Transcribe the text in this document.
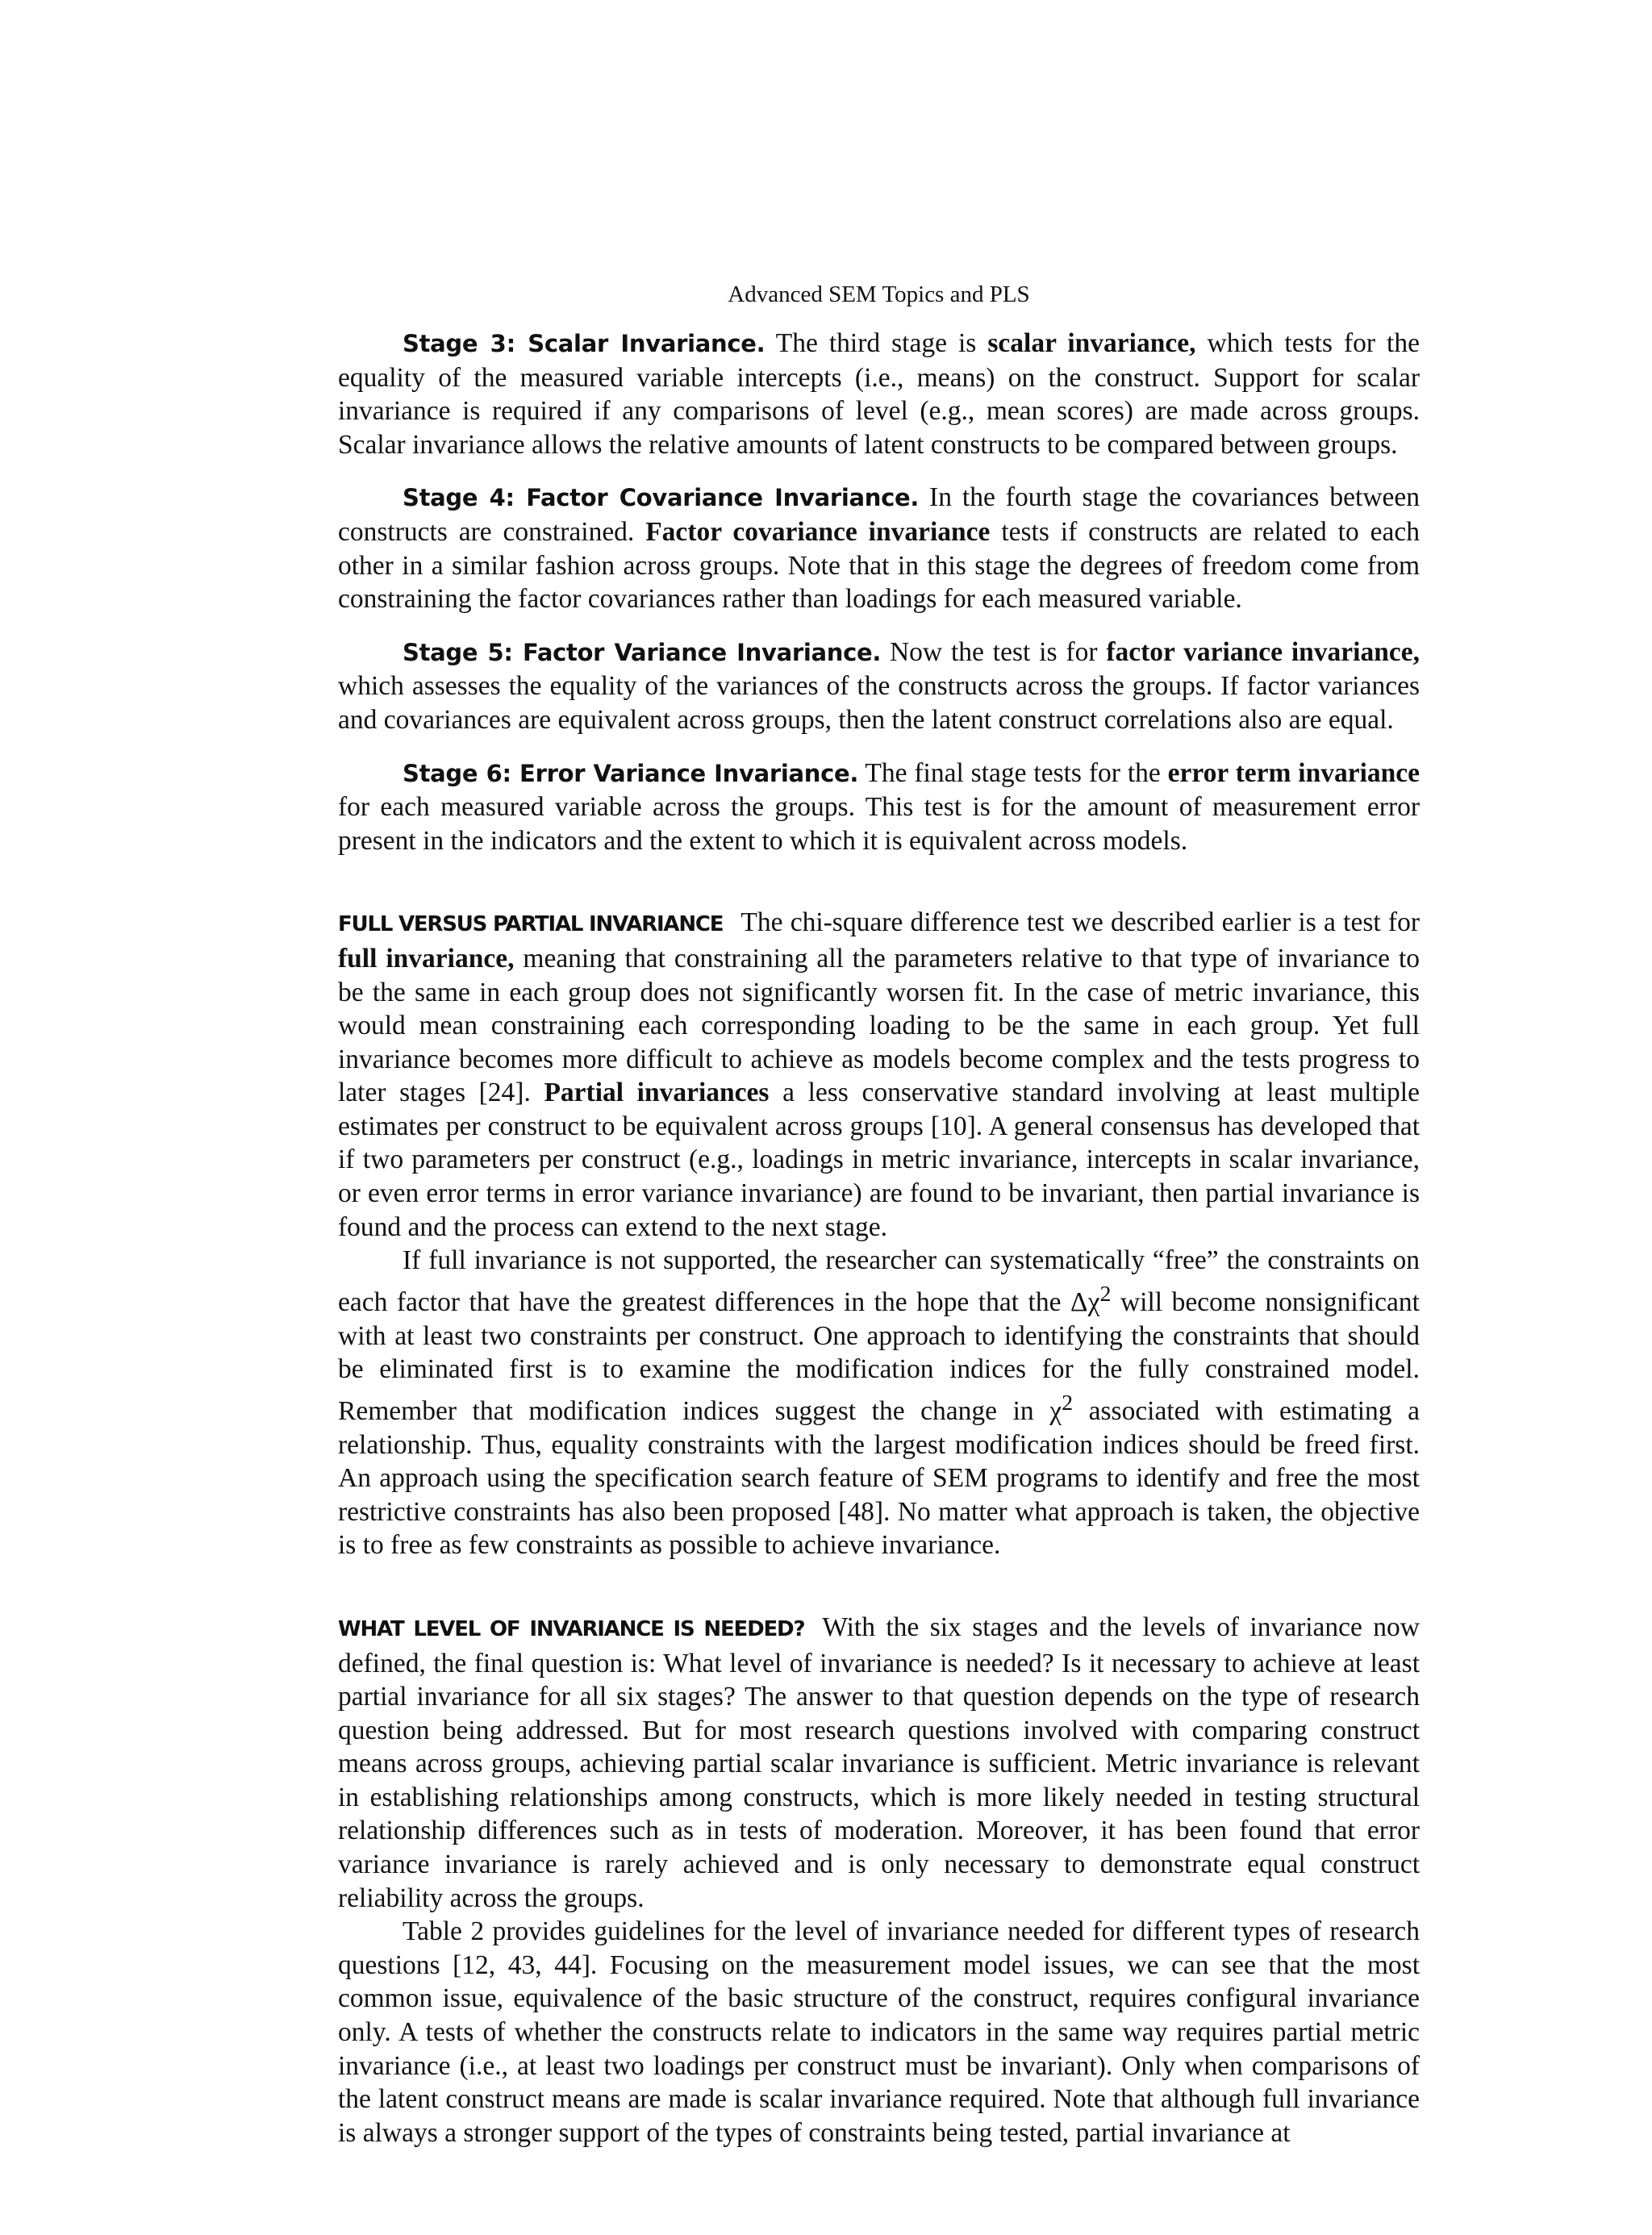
Advanced SEM Topics and PLS

Stage 3: Scalar Invariance. The third stage is scalar invariance, which tests for the equality of the measured variable intercepts (i.e., means) on the construct. Support for scalar invariance is required if any comparisons of level (e.g., mean scores) are made across groups. Scalar invariance allows the relative amounts of latent constructs to be compared between groups.

Stage 4: Factor Covariance Invariance. In the fourth stage the covariances between constructs are constrained. Factor covariance invariance tests if constructs are related to each other in a similar fashion across groups. Note that in this stage the degrees of freedom come from constraining the factor covariances rather than loadings for each measured variable.

Stage 5: Factor Variance Invariance. Now the test is for factor variance invariance, which assesses the equality of the variances of the constructs across the groups. If factor variances and covariances are equivalent across groups, then the latent construct correlations also are equal.

Stage 6: Error Variance Invariance. The final stage tests for the error term invariance for each measured variable across the groups. This test is for the amount of measurement error present in the indicators and the extent to which it is equivalent across models.

FULL VERSUS PARTIAL INVARIANCE The chi-square difference test we described earlier is a test for full invariance, meaning that constraining all the parameters relative to that type of invariance to be the same in each group does not significantly worsen fit. In the case of metric invariance, this would mean constraining each corresponding loading to be the same in each group. Yet full invariance becomes more difficult to achieve as models become complex and the tests progress to later stages [24]. Partial invariances a less conservative standard involving at least multiple estimates per construct to be equivalent across groups [10]. A general consensus has developed that if two parameters per construct (e.g., loadings in metric invariance, intercepts in scalar invariance, or even error terms in error variance invariance) are found to be invariant, then partial invariance is found and the process can extend to the next stage.

If full invariance is not supported, the researcher can systematically “free” the constraints on each factor that have the greatest differences in the hope that the $\Delta\chi^2$ will become nonsignificant with at least two constraints per construct. One approach to identifying the constraints that should be eliminated first is to examine the modification indices for the fully constrained model. Remember that modification indices suggest the change in $\chi^2$ associated with estimating a relationship. Thus, equality constraints with the largest modification indices should be freed first. An approach using the specification search feature of SEM programs to identify and free the most restrictive constraints has also been proposed [48]. No matter what approach is taken, the objective is to free as few constraints as possible to achieve invariance.

WHAT LEVEL OF INVARIANCE IS NEEDED? With the six stages and the levels of invariance now defined, the final question is: What level of invariance is needed? Is it necessary to achieve at least partial invariance for all six stages? The answer to that question depends on the type of research question being addressed. But for most research questions involved with comparing construct means across groups, achieving partial scalar invariance is sufficient. Metric invariance is relevant in establishing relationships among constructs, which is more likely needed in testing structural relationship differences such as in tests of moderation. Moreover, it has been found that error variance invariance is rarely achieved and is only necessary to demonstrate equal construct reliability across the groups.

Table 2 provides guidelines for the level of invariance needed for different types of research questions [12, 43, 44]. Focusing on the measurement model issues, we can see that the most common issue, equivalence of the basic structure of the construct, requires configural invariance only. A tests of whether the constructs relate to indicators in the same way requires partial metric invariance (i.e., at least two loadings per construct must be invariant). Only when comparisons of the latent construct means are made is scalar invariance required. Note that although full invariance is always a stronger support of the types of constraints being tested, partial invariance at
